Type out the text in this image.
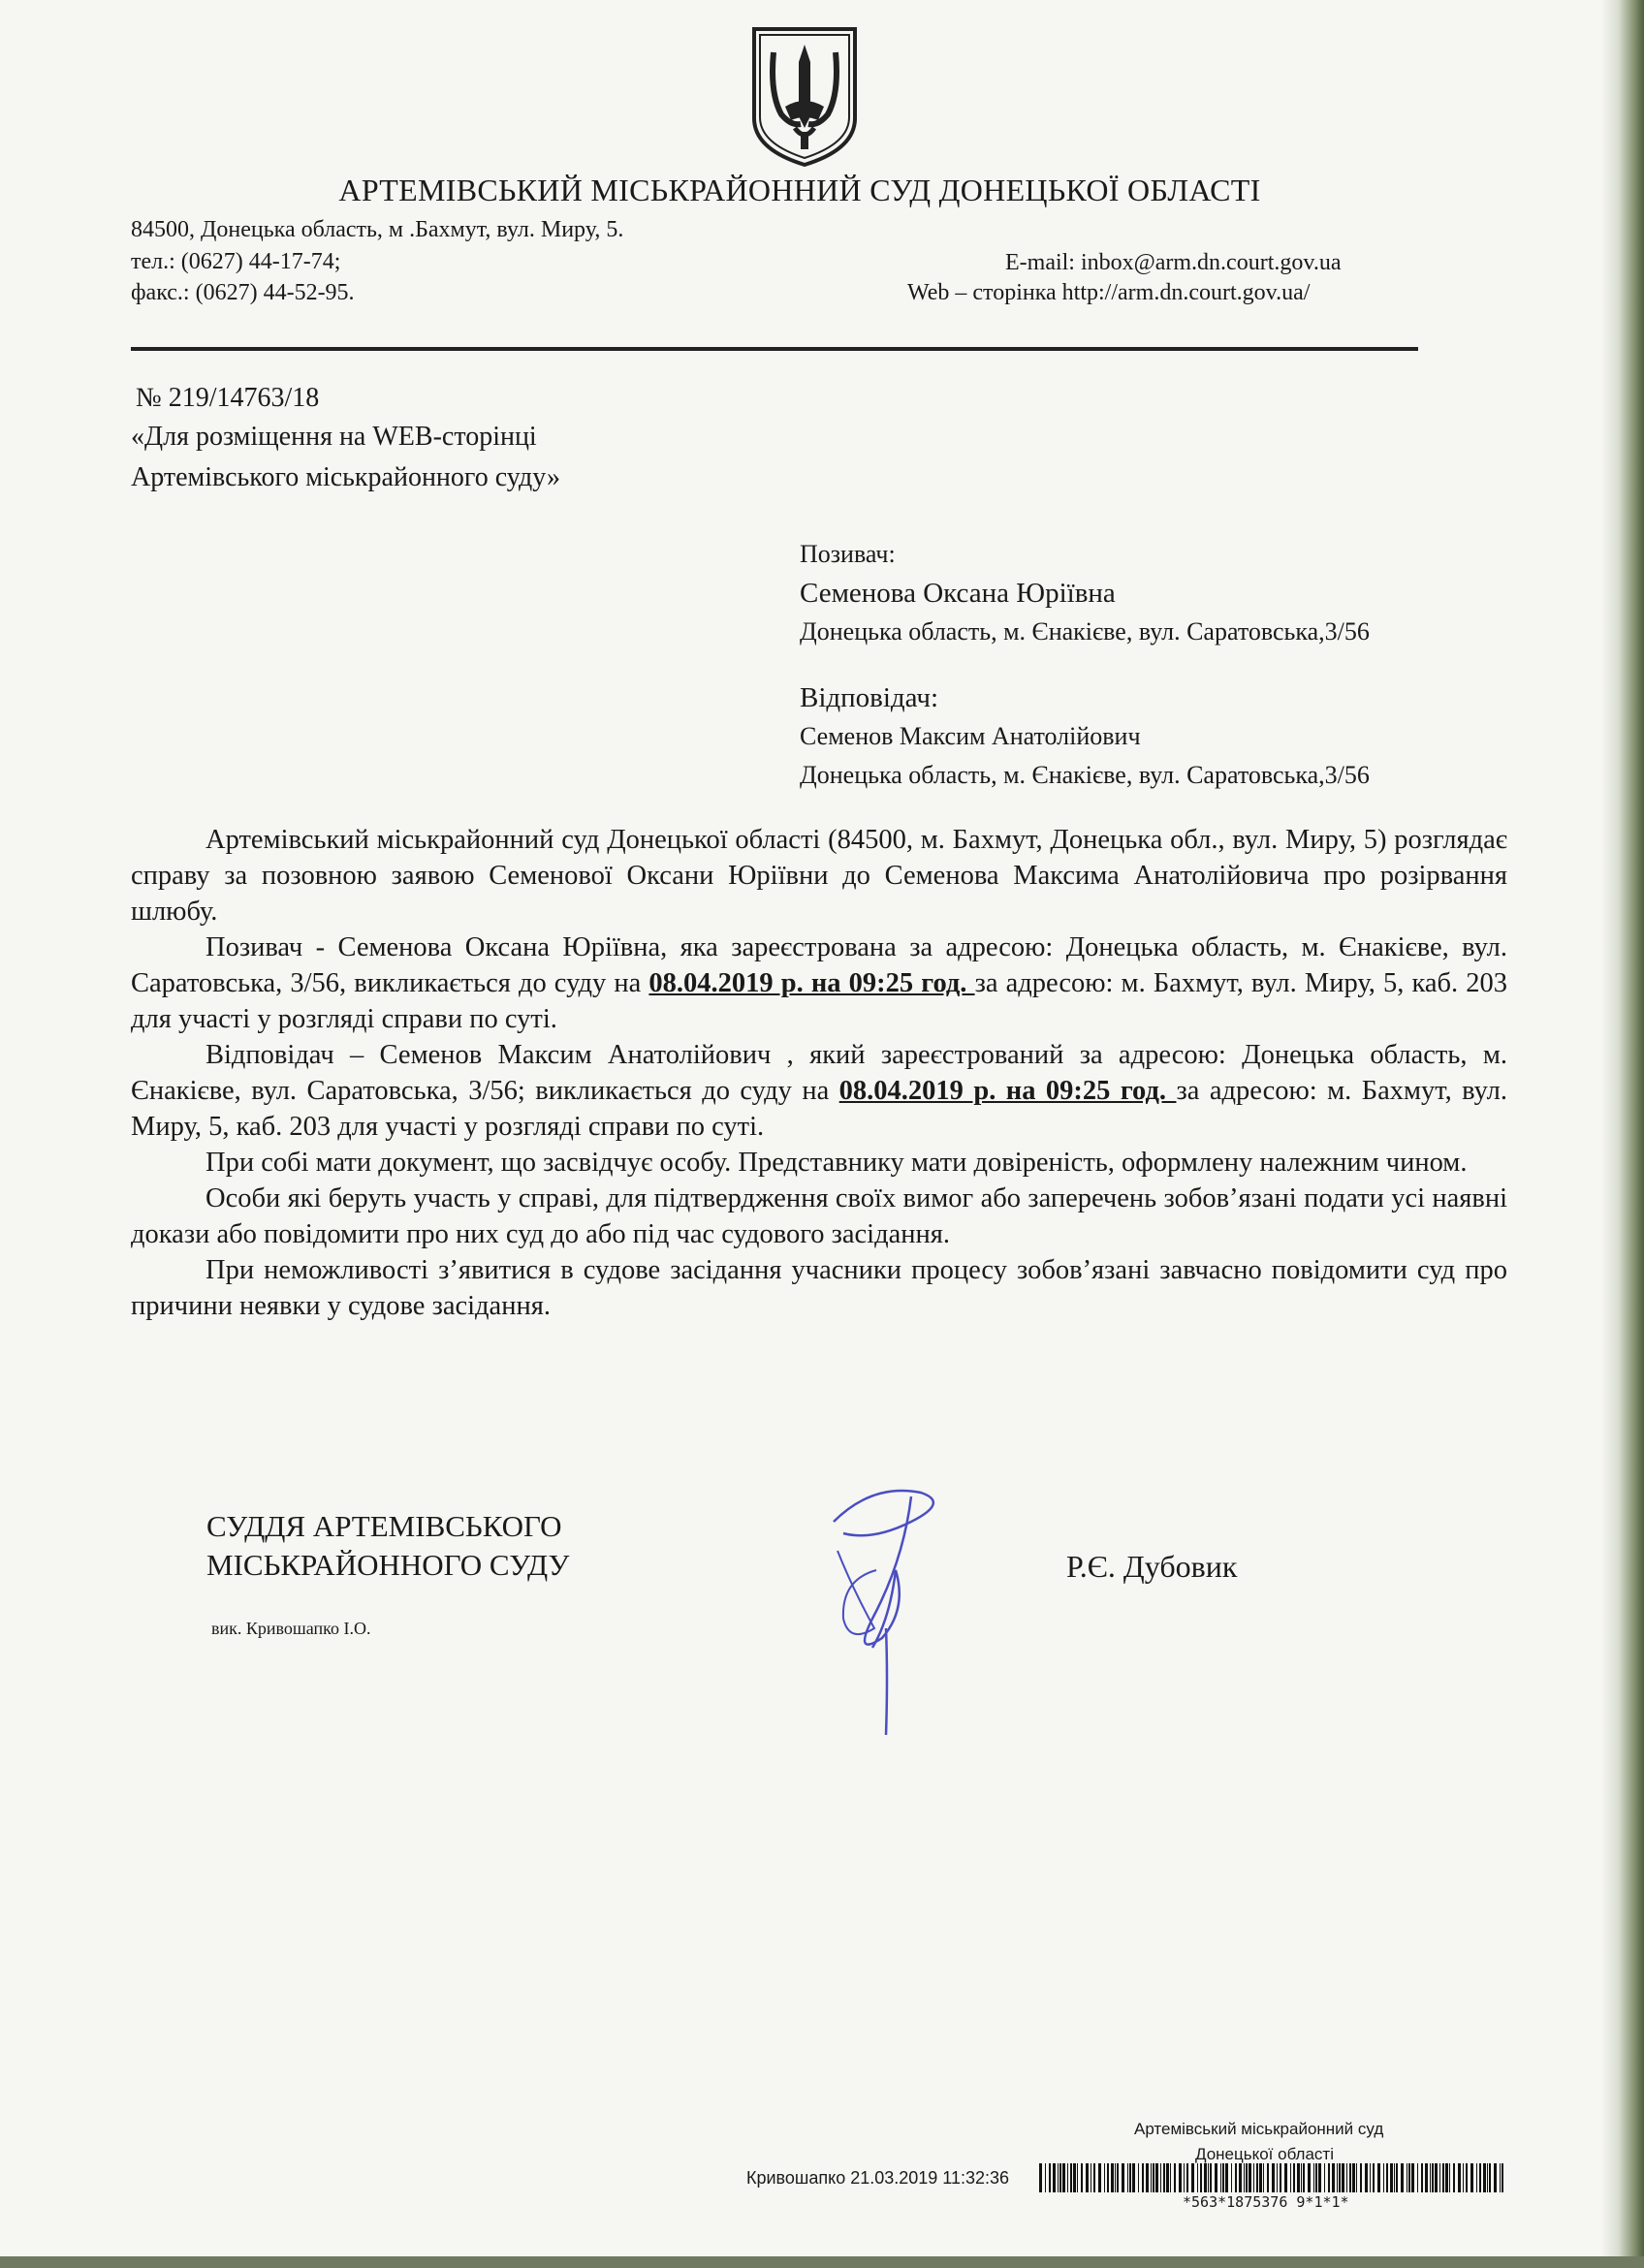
АРТЕМІВСЬКИЙ МІСЬКРАЙОННИЙ СУД ДОНЕЦЬКОЇ ОБЛАСТІ
84500, Донецька область, м .Бахмут, вул. Миру, 5.
тел.: (0627) 44-17-74;
факс.: (0627) 44-52-95.
E-mail: inbox@arm.dn.court.gov.ua
Web – сторінка http://arm.dn.court.gov.ua/
№ 219/14763/18
«Для розміщення на WEB-сторінці
Артемівського міськрайонного суду»
Позивач:
Семенова Оксана Юріївна
Донецька область, м. Єнакієве, вул. Саратовська,3/56
Відповідач:
Семенов Максим Анатолійович
Донецька область, м. Єнакієве, вул. Саратовська,3/56

Артемівський міськрайонний суд Донецької області (84500, м. Бахмут, Донецька обл., вул. Миру, 5) розглядає справу за позовною заявою Семенової Оксани Юріївни до Семенова Максима Анатолійовича про розірвання шлюбу.

Позивач - Семенова Оксана Юріївна, яка зареєстрована за адресою: Донецька область, м. Єнакієве, вул. Саратовська, 3/56, викликається до суду на 08.04.2019 р. на 09:25 год. за адресою: м. Бахмут, вул. Миру, 5, каб. 203 для участі у розгляді справи по суті.

Відповідач – Семенов Максим Анатолійович , який зареєстрований за адресою: Донецька область, м. Єнакієве, вул. Саратовська, 3/56; викликається до суду на 08.04.2019 р. на 09:25 год. за адресою: м. Бахмут, вул. Миру, 5, каб. 203 для участі у розгляді справи по суті.

При собі мати документ, що засвідчує особу. Представнику мати довіреність, оформлену належним чином.

Особи які беруть участь у справі, для підтвердження своїх вимог або заперечень зобов’язані подати усі наявні докази або повідомити про них суд до або під час судового засідання.

При неможливості з’явитися в судове засідання учасники процесу зобов’язані завчасно повідомити суд про причини неявки у судове засідання.

СУДДЯ АРТЕМІВСЬКОГО
МІСЬКРАЙОННОГО СУДУ
вик. Кривошапко І.О.
Р.Є. Дубовик
Артемівський міськрайонний суд
Донецької області
Кривошапко 21.03.2019 11:32:36
*563*1875376 9*1*1*
